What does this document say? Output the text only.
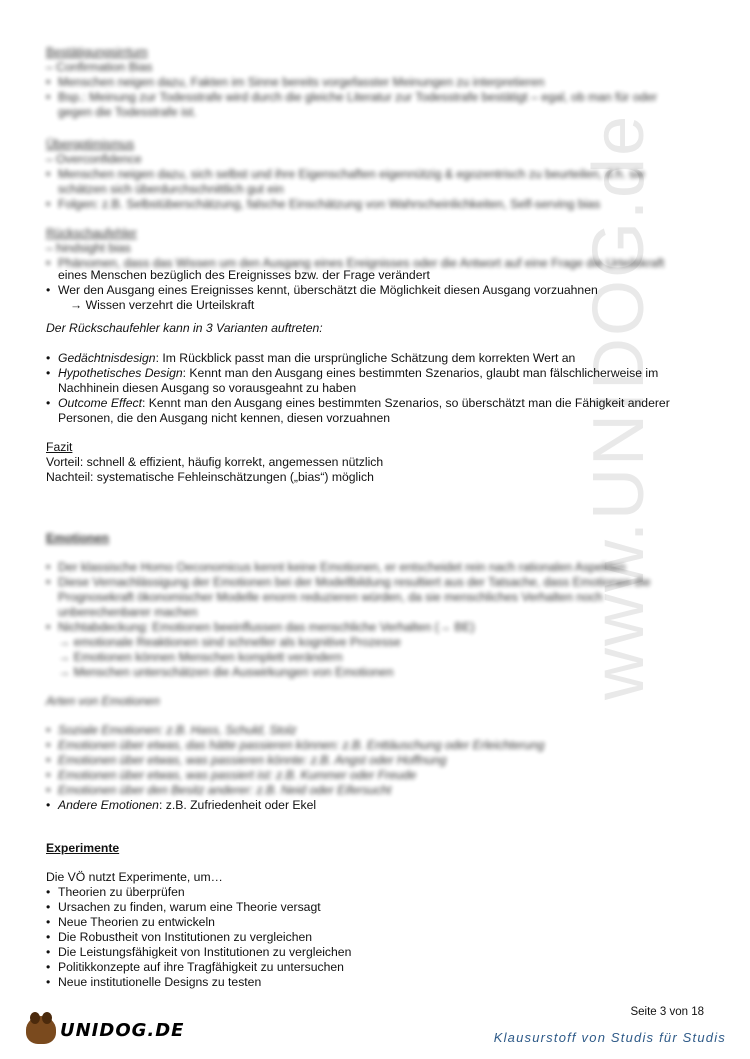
www.UNIDOG.de
Bestätigungsirrtum
– Confirmation Bias
• Menschen neigen dazu, Fakten im Sinne bereits vorgefasster Meinungen zu interpretieren
• Bsp.: Meinung zur Todesstrafe wird durch die gleiche Literatur zur Todesstrafe bestätigt – egal, ob man für oder gegen die Todesstrafe ist.
Übergptimismus
– Overconfidence
• Menschen neigen dazu, sich selbst und ihre Eigenschaften eigennützig & egozentrisch zu beurteilen, d.h. sie schätzen sich überdurchschnittlich gut ein
• Folgen: z.B. Selbstüberschätzung, falsche Einschätzung von Wahrscheinlichkeiten, Self-serving bias
Rückschaufehler
– hindsight bias
• Phänomen, dass das Wissen um den Ausgang eines Ereignisses oder die Antwort auf eine Frage die Urteilskraft
eines Menschen bezüglich des Ereignisses bzw. der Frage verändert
• Wer den Ausgang eines Ereignisses kennt, überschätzt die Möglichkeit diesen Ausgang vorzuahnen
→ Wissen verzehrt die Urteilskraft
Der Rückschaufehler kann in 3 Varianten auftreten:
• Gedächtnisdesign: Im Rückblick passt man die ursprüngliche Schätzung dem korrekten Wert an
• Hypothetisches Design: Kennt man den Ausgang eines bestimmten Szenarios, glaubt man fälschlicherweise im Nachhinein diesen Ausgang so vorausgeahnt zu haben
• Outcome Effect: Kennt man den Ausgang eines bestimmten Szenarios, so überschätzt man die Fähigkeit anderer Personen, die den Ausgang nicht kennen, diesen vorzuahnen
Fazit
Vorteil: schnell & effizient, häufig korrekt, angemessen nützlich
Nachteil: systematische Fehleinschätzungen („bias“) möglich
Emotionen
• Der klassische Homo Oeconomicus kennt keine Emotionen, er entscheidet rein nach rationalen Aspekten
• Diese Vernachlässigung der Emotionen bei der Modellbildung resultiert aus der Tatsache, dass Emotionen die Prognosekraft ökonomischer Modelle enorm reduzieren würden, da sie menschliches Verhalten noch unberechenbarer machen
• Nichtabdeckung: Emotionen beeinflussen das menschliche Verhalten (→ BE)
→ emotionale Reaktionen sind schneller als kognitive Prozesse
→ Emotionen können Menschen komplett verändern
→ Menschen unterschätzen die Auswirkungen von Emotionen
Arten von Emotionen
• Soziale Emotionen: z.B. Hass, Schuld, Stolz
• Emotionen über etwas, das hätte passieren können: z.B. Enttäuschung oder Erleichterung
• Emotionen über etwas, was passieren könnte: z.B. Angst oder Hoffnung
• Emotionen über etwas, was passiert ist: z.B. Kummer oder Freude
• Emotionen über den Besitz anderer: z.B. Neid oder Eifersucht
• Andere Emotionen: z.B. Zufriedenheit oder Ekel
Experimente
Die VÖ nutzt Experimente, um…
• Theorien zu überprüfen
• Ursachen zu finden, warum eine Theorie versagt
• Neue Theorien zu entwickeln
• Die Robustheit von Institutionen zu vergleichen
• Die Leistungsfähigkeit von Institutionen zu vergleichen
• Politikkonzepte auf ihre Tragfähigkeit zu untersuchen
• Neue institutionelle Designs zu testen
Seite 3 von 18
UNIDOG.DE	Klausurstoff von Studis für Studis
